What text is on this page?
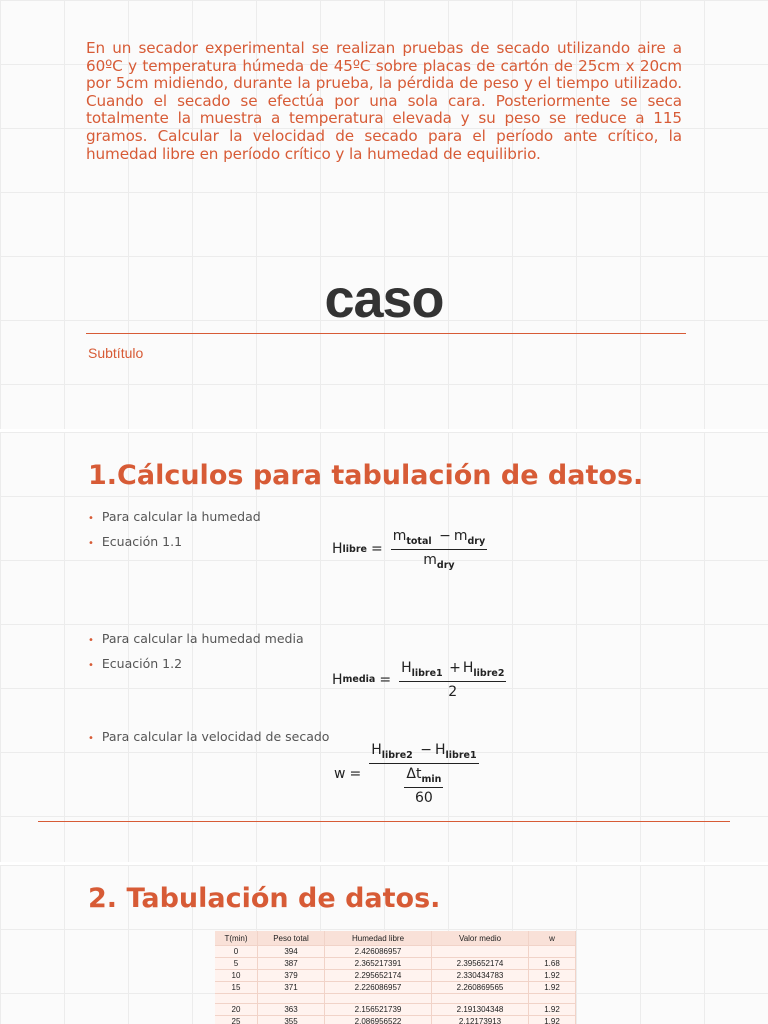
En un secador experimental se realizan pruebas de secado utilizando aire a 60ºC y temperatura húmeda de 45ºC sobre placas de cartón de 25cm x 20cm por 5cm midiendo, durante la prueba, la pérdida de peso y el tiempo utilizado. Cuando el secado se efectúa por una sola cara. Posteriormente se seca totalmente la muestra a temperatura elevada y su peso se reduce a 115 gramos. Calcular la velocidad de secado para el período ante crítico, la humedad libre en período crítico y la humedad de equilibrio.

caso
Subtítulo
1.Cálculos para tabulación de datos.
• Para calcular la humedad
• Ecuación 1.1	H libre = $\frac{m_{total} - m_{dry}}{m_{dry}}$
• Para calcular la humedad media
• Ecuación 1.2
H media = $\frac{H_{libre1} + H_{libre2}}{2}$
• Para calcular la velocidad de secado
$w = \frac{H_{libre2} - H_{libre1}}{\frac{\Delta t_{min}}{60}}$
2. Tabulación de datos.
T(min)	Peso total	Humedad libre	Valor medio	w
0	394	2.426086957		
5	387	2.365217391	2.395652174	1.68
10	379	2.295652174	2.330434783	1.92
15	371	2.226086957	2.260869565	1.92

20	363	2.156521739	2.191304348	1.92
25	355	2.086956522	2.12173913	1.92
